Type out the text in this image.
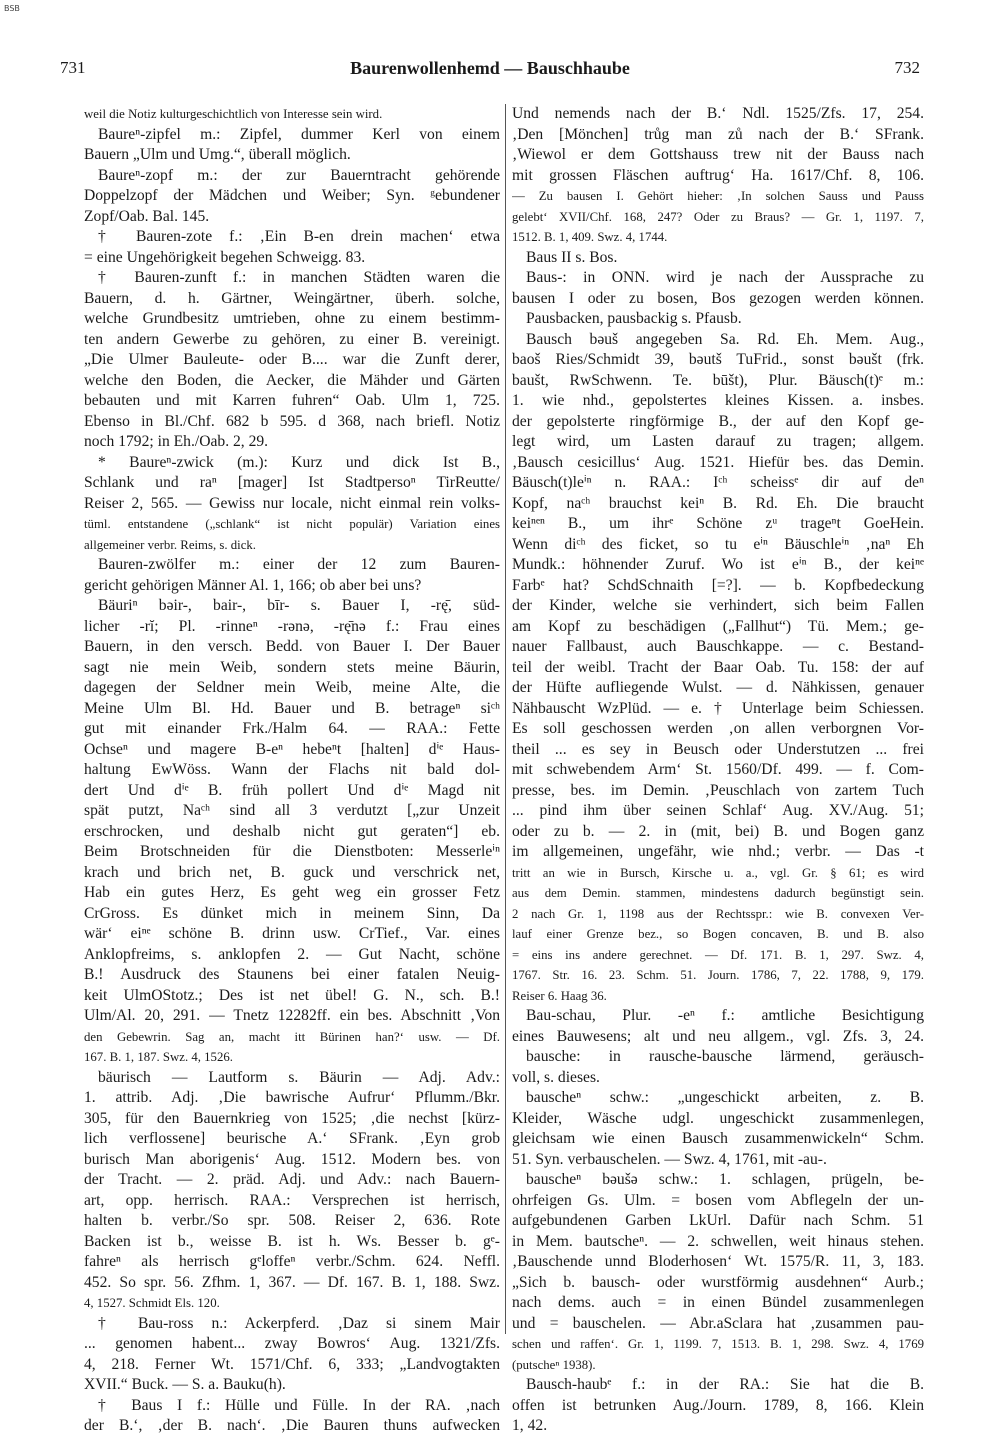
BSB
731	Baurenwollenhemd — Bauschhaube	732
weil die Notiz kulturgeschichtlich von Interesse sein wird.
Baureⁿ-zipfel m.: Zipfel, dummer Kerl von einem
Bauern „Ulm und Umg.“, überall möglich.
Baureⁿ-zopf m.: der zur Bauerntracht gehörende
Doppelzopf der Mädchen und Weiber; Syn. ᵍebundener
Zopf/Oab. Bal. 145.
† Bauren-zote f.: ‚Ein B-en drein machen‘ etwa
= eine Ungehörigkeit begehen Schweigg. 83.
† Bauren-zunft f.: in manchen Städten waren die
Bauern, d. h. Gärtner, Weingärtner, überh. solche,
welche Grundbesitz umtrieben, ohne zu einem bestimm-
ten andern Gewerbe zu gehören, zu einer B. vereinigt.
„Die Ulmer Bauleute- oder B.... war die Zunft derer,
welche den Boden, die Aecker, die Mähder und Gärten
bebauten und mit Karren fuhren“ Oab. Ulm 1, 725.
Ebenso in Bl./Chf. 682 b 595. d 368, nach briefl. Notiz
noch 1792; in Eh./Oab. 2, 29.
* Baureⁿ-zwick (m.): Kurz und dick Ist B.,
Schlank und raⁿ [mager] Ist Stadtpersoⁿ TirReutte/
Reiser 2, 565. — Gewiss nur locale, nicht einmal rein volks-
tüml. entstandene („schlank“ ist nicht populär) Variation eines
allgemeiner verbr. Reims, s. dick.
Bauren-zwölfer m.: einer der 12 zum Bauren-
gericht gehörigen Männer Al. 1, 166; ob aber bei uns?
Bäuriⁿ bəir-, bair-, bīr- s. Bauer I, -rę̄, süd-
licher -rĭ; Pl. -rinneⁿ -rənə, -rę̄nə f.: Frau eines
Bauern, in den versch. Bedd. von Bauer I. Der Bauer
sagt nie mein Weib, sondern stets meine Bäurin,
dagegen der Seldner mein Weib, meine Alte, die
Meine Ulm Bl. Hd. Bauer und B. betrageⁿ siᶜʰ
gut mit einander Frk./Halm 64. — RAA.: Fette
Ochseⁿ und magere B-eⁿ hebeⁿt [halten] dⁱᵉ Haus-
haltung EwWöss. Wann der Flachs nit bald dol-
dert Und dⁱᵉ B. früh pollert Und dⁱᵉ Magd nit
spät putzt, Naᶜʰ sind all 3 verdutzt [„zur Unzeit
erschrocken, und deshalb nicht gut geraten“] eb.
Beim Brotschneiden für die Dienstboten: Messerleⁱⁿ
krach und brich net, B. guck und verschrick net,
Hab ein gutes Herz, Es geht weg ein grosser Fetz
CrGross. Es dünket mich in meinem Sinn, Da
wär‘ eiⁿᵉ schöne B. drinn usw. CrTief., Var. eines
Anklopfreims, s. anklopfen 2. — Gut Nacht, schöne
B.! Ausdruck des Staunens bei einer fatalen Neuig-
keit UlmOStotz.; Des ist net übel! G. N., sch. B.!
Ulm/Al. 20, 291. — Tnetz 12282ff. ein bes. Abschnitt ‚Von
den Gebewrin. Sag an, macht itt Bürinen han?‘ usw. — Df.
167. B. 1, 187. Swz. 4, 1526.
bäurisch — Lautform s. Bäurin — Adj. Adv.:
1. attrib. Adj. ‚Die bawrische Aufrur‘ Pflumm./Bkr.
305, für den Bauernkrieg von 1525; ‚die nechst [kürz-
lich verflossene] beurische A.‘ SFrank. ‚Eyn grob
burisch Man aborigenis‘ Aug. 1512. Modern bes. von
der Tracht. — 2. präd. Adj. und Adv.: nach Bauern-
art, opp. herrisch. RAA.: Versprechen ist herrisch,
halten b. verbr./So spr. 508. Reiser 2, 636. Rote
Backen ist b., weisse B. ist h. Ws. Besser b. gᵉ-
fahreⁿ als herrisch gᵉloffeⁿ verbr./Schm. 624. Neffl.
452. So spr. 56. Zfhm. 1, 367. — Df. 167. B. 1, 188. Swz.
4, 1527. Schmidt Els. 120.
† Bau-ross n.: Ackerpferd. ‚Daz si sinem Mair
... genomen habent... zway Bowros‘ Aug. 1321/Zfs.
4, 218. Ferner Wt. 1571/Chf. 6, 333; „Landvogtakten
XVII.“ Buck. — S. a. Bauku(h).
† Baus I f.: Hülle und Fülle. In der RA. ‚nach
der B.‘, ‚der B. nach‘. ‚Die Bauren thuns aufwecken
Und nemends nach der B.‘ Ndl. 1525/Zfs. 17, 254.
‚Den [Mönchen] trůg man zů nach der B.‘ SFrank.
‚Wiewol er dem Gottshauss trew nit der Bauss nach
mit grossen Fläschen auftrug‘ Ha. 1617/Chf. 8, 106.
— Zu bausen I. Gehört hieher: ‚In solchen Sauss und Pauss
gelebt‘ XVII/Chf. 168, 247? Oder zu Braus? — Gr. 1, 1197. 7,
1512. B. 1, 409. Swz. 4, 1744.
Baus II s. Bos.
Baus-: in ONN. wird je nach der Aussprache zu
bausen I oder zu bosen, Bos gezogen werden können.
Pausbacken, pausbackig s. Pfausb.
Bausch bəuš angegeben Sa. Rd. Eh. Mem. Aug.,
baoš Ries/Schmidt 39, bəutš TuFrid., sonst bəušt (frk.
baušt, RwSchwenn. Te. būšt), Plur. Bäusch(t)ᵉ m.:
1. wie nhd., gepolstertes kleines Kissen. a. insbes.
der gepolsterte ringförmige B., der auf den Kopf ge-
legt wird, um Lasten darauf zu tragen; allgem.
‚Bausch cesicillus‘ Aug. 1521. Hiefür bes. das Demin.
Bäusch(t)leⁱⁿ n. RAA.: Iᶜʰ scheissᵉ dir auf deⁿ
Kopf, naᶜʰ brauchst keiⁿ B. Rd. Eh. Die braucht
keiⁿᵉⁿ B., um ihrᵉ Schöne zᵘ trageⁿt GoeHein.
Wenn diᶜʰ des ficket, so tu eⁱⁿ Bäuschleⁱⁿ ‚naⁿ Eh
Mundk.: höhnender Zuruf. Wo ist eⁱⁿ B., der keiⁿᵉ
Farbᵉ hat? SchdSchnaith [=?]. — b. Kopfbedeckung
der Kinder, welche sie verhindert, sich beim Fallen
am Kopf zu beschädigen („Fallhut“) Tü. Mem.; ge-
nauer Fallbaust, auch Bauschkappe. — c. Bestand-
teil der weibl. Tracht der Baar Oab. Tu. 158: der auf
der Hüfte aufliegende Wulst. — d. Nähkissen, genauer
Nähbauscht WzPlüd. — e. † Unterlage beim Schiessen.
Es soll geschossen werden ‚on allen verborgnen Vor-
theil ... es sey in Beusch oder Understutzen ... frei
mit schwebendem Arm‘ St. 1560/Df. 499. — f. Com-
presse, bes. im Demin. ‚Peuschlach von zartem Tuch
... pind ihm über seinen Schlaf‘ Aug. XV./Aug. 51;
oder zu b. — 2. in (mit, bei) B. und Bogen ganz
im allgemeinen, ungefähr, wie nhd.; verbr. — Das -t
tritt an wie in Bursch, Kirsche u. a., vgl. Gr. § 61; es wird
aus dem Demin. stammen, mindestens dadurch begünstigt sein.
2 nach Gr. 1, 1198 aus der Rechtsspr.: wie B. convexen Ver-
lauf einer Grenze bez., so Bogen concaven, B. und B. also
= eins ins andere gerechnet. — Df. 171. B. 1, 297. Swz. 4,
1767. Str. 16. 23. Schm. 51. Journ. 1786, 7, 22. 1788, 9, 179.
Reiser 6. Haag 36.
Bau-schau, Plur. -eⁿ f.: amtliche Besichtigung
eines Bauwesens; alt und neu allgem., vgl. Zfs. 3, 24.
bausche: in rausche-bausche lärmend, geräusch-
voll, s. dieses.
bauscheⁿ schw.: „ungeschickt arbeiten, z. B.
Kleider, Wäsche udgl. ungeschickt zusammenlegen,
gleichsam wie einen Bausch zusammenwickeln“ Schm.
51. Syn. verbauschelen. — Swz. 4, 1761, mit -au-.
bauscheⁿ bəušə schw.: 1. schlagen, prügeln, be-
ohrfeigen Gs. Ulm. = bosen vom Abflegeln der un-
aufgebundenen Garben LkUrl. Dafür nach Schm. 51
in Mem. bautscheⁿ. — 2. schwellen, weit hinaus stehen.
‚Bauschende unnd Bloderhosen‘ Wt. 1575/R. 11, 3, 183.
„Sich b. bausch- oder wurstförmig ausdehnen“ Aurb.;
nach dems. auch = in einen Bündel zusammenlegen
und = bauschelen. — Abr.aSclara hat ‚zusammen pau-
schen und raffen‘. Gr. 1, 1199. 7, 1513. B. 1, 298. Swz. 4, 1769
(putscheⁿ 1938).
Bausch-haubᵉ f.: in der RA.: Sie hat die B.
offen ist betrunken Aug./Journ. 1789, 8, 166. Klein
1, 42.
